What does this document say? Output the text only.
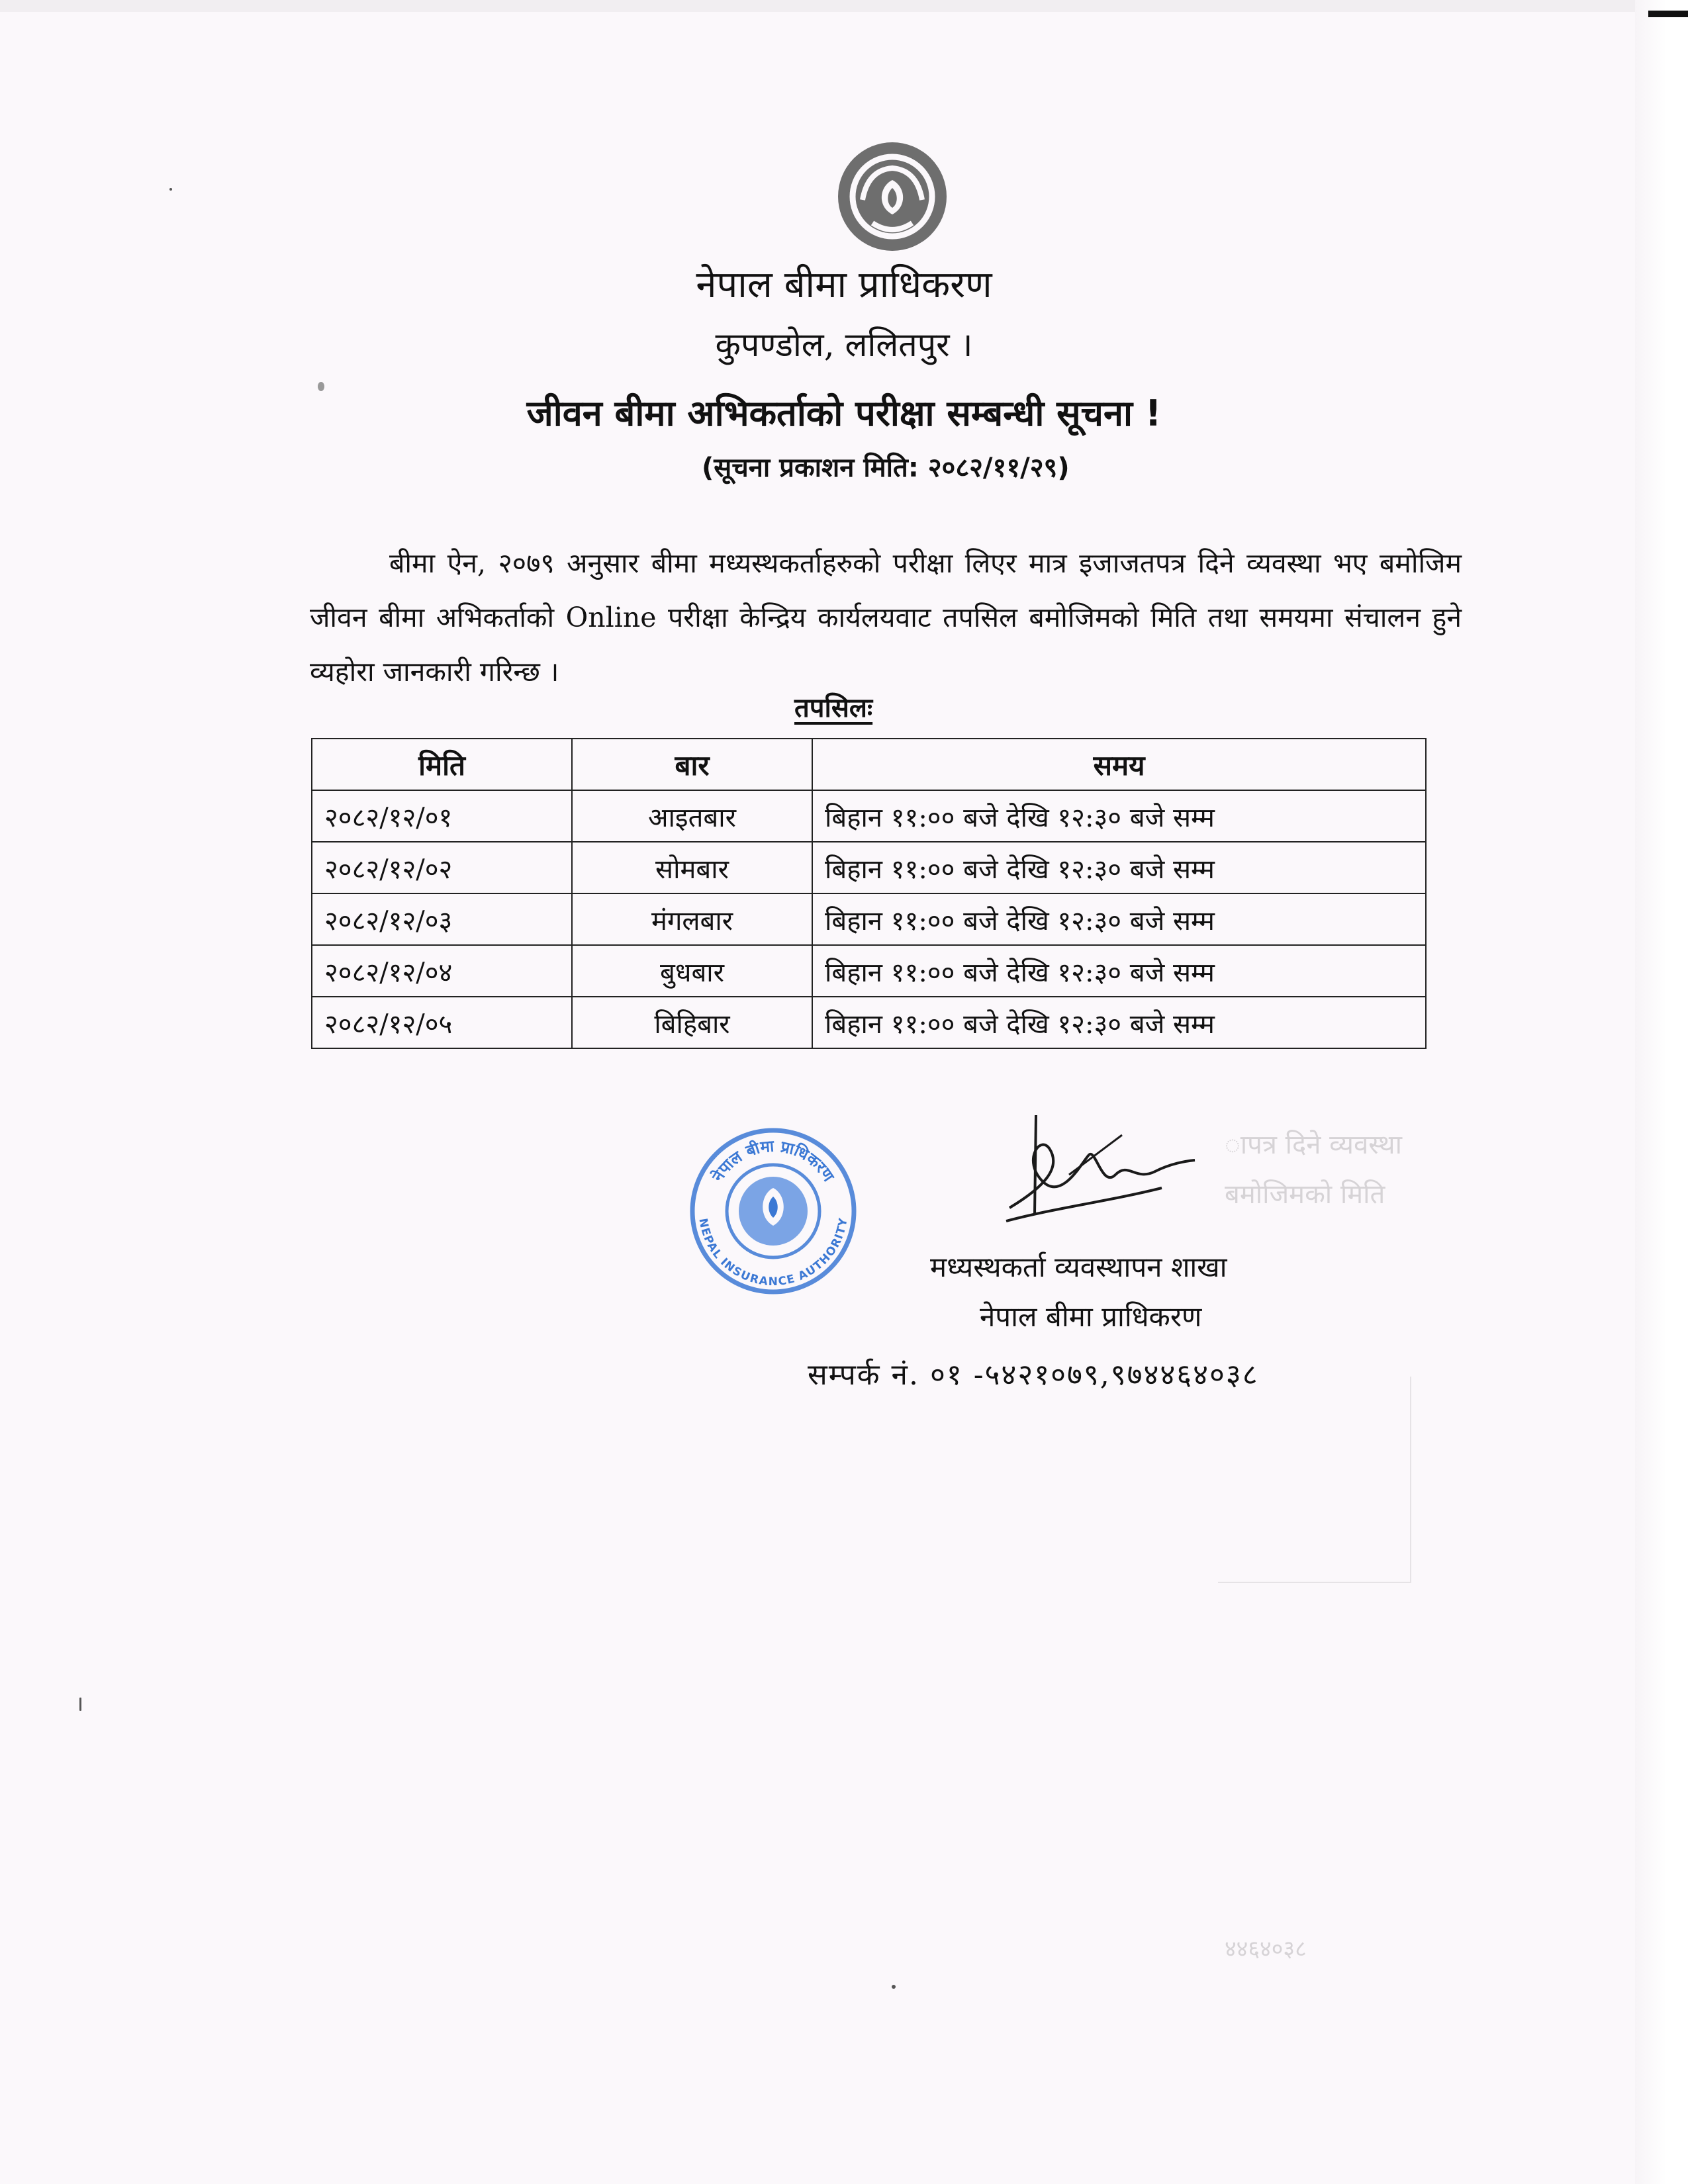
ापत्र दिने व्यवस्था
बमोजिमको मिति
४४६४०३८
नेपाल बीमा प्राधिकरण
कुपण्डोल, ललितपुर ।
जीवन बीमा अभिकर्ताको परीक्षा सम्बन्धी सूचना !
(सूचना प्रकाशन मिति: २०८२/११/२९)
बीमा ऐन, २०७९ अनुसार बीमा मध्यस्थकर्ताहरुको परीक्षा लिएर मात्र इजाजतपत्र दिने व्यवस्था भए बमोजिम जीवन बीमा अभिकर्ताको Online परीक्षा केन्द्रिय कार्यलयवाट तपसिल बमोजिमको मिति तथा समयमा संचालन हुने व्यहोरा जानकारी गरिन्छ ।
तपसिलः
मिति	बार	समय
२०८२/१२/०१	आइतबार	बिहान ११:०० बजे देखि १२:३० बजे सम्म
२०८२/१२/०२	सोमबार	बिहान ११:०० बजे देखि १२:३० बजे सम्म
२०८२/१२/०३	मंगलबार	बिहान ११:०० बजे देखि १२:३० बजे सम्म
२०८२/१२/०४	बुधबार	बिहान ११:०० बजे देखि १२:३० बजे सम्म
२०८२/१२/०५	बिहिबार	बिहान ११:०० बजे देखि १२:३० बजे सम्म
नेपाल बीमा प्राधिकरण
NEPAL INSURANCE AUTHORITY
मध्यस्थकर्ता व्यवस्थापन शाखा
नेपाल बीमा प्राधिकरण
सम्पर्क नं. ०१ -५४२१०७९,९७४४६४०३८
